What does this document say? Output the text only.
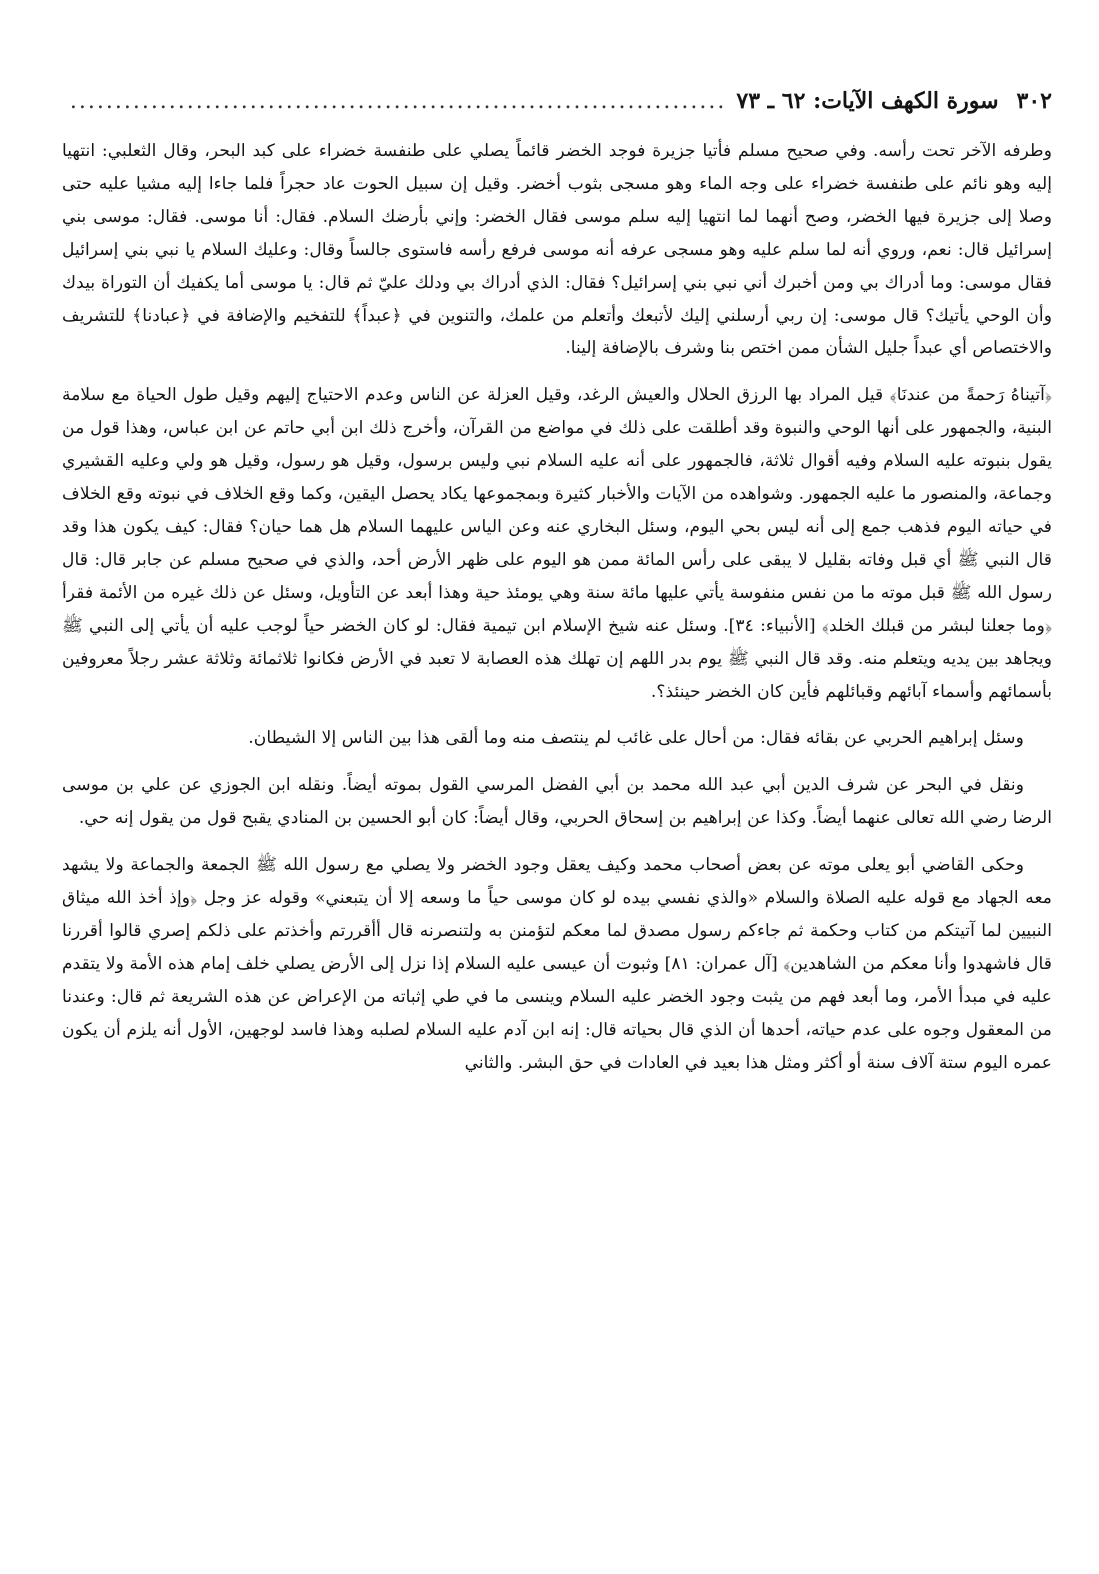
٣٠٢
سورة الكهف الآيات: ٦٢ ـ ٧٣
.....

وطرفه الآخر تحت رأسه. وفي صحيح مسلم فأتيا جزيرة فوجد الخضر قائماً يصلي على طنفسة خضراء على كبد البحر، وقال الثعلبي: انتهيا إليه وهو نائم على طنفسة خضراء على وجه الماء وهو مسجى بثوب أخضر. وقيل إن سبيل الحوت عاد حجراً فلما جاءا إليه مشيا عليه حتى وصلا إلى جزيرة فيها الخضر، وصح أنهما لما انتهيا إليه سلم موسى فقال الخضر: وإني بأرضك السلام. فقال: أنا موسى. فقال: موسى بني إسرائيل قال: نعم، وروي أنه لما سلم عليه وهو مسجى عرفه أنه موسى فرفع رأسه فاستوى جالساً وقال: وعليك السلام يا نبي بني إسرائيل فقال موسى: وما أدراك بي ومن أخبرك أني نبي بني إسرائيل؟ فقال: الذي أدراك بي ودلك عليّ ثم قال: يا موسى أما يكفيك أن التوراة بيدك وأن الوحي يأتيك؟ قال موسى: إن ربي أرسلني إليك لأتبعك وأتعلم من علمك، والتنوين في ﴿عبداً﴾ للتفخيم والإضافة في ﴿عبادنا﴾ للتشريف والاختصاص أي عبداً جليل الشأن ممن اختص بنا وشرف بالإضافة إلينا.

﴿آتيناهُ رَحمةً من عندنَا﴾ قيل المراد بها الرزق الحلال والعيش الرغد، وقيل العزلة عن الناس وعدم الاحتياج إليهم وقيل طول الحياة مع سلامة البنية، والجمهور على أنها الوحي والنبوة وقد أطلقت على ذلك في مواضع من القرآن، وأخرج ذلك ابن أبي حاتم عن ابن عباس، وهذا قول من يقول بنبوته عليه السلام وفيه أقوال ثلاثة، فالجمهور على أنه عليه السلام نبي وليس برسول، وقيل هو رسول، وقيل هو ولي وعليه القشيري وجماعة، والمنصور ما عليه الجمهور. وشواهده من الآيات والأخبار كثيرة وبمجموعها يكاد يحصل اليقين، وكما وقع الخلاف في نبوته وقع الخلاف في حياته اليوم فذهب جمع إلى أنه ليس بحي اليوم، وسئل البخاري عنه وعن الياس عليهما السلام هل هما حيان؟ فقال: كيف يكون هذا وقد قال النبي ﷺ أي قبل وفاته بقليل لا يبقى على رأس المائة ممن هو اليوم على ظهر الأرض أحد، والذي في صحيح مسلم عن جابر قال: قال رسول الله ﷺ قبل موته ما من نفس منفوسة يأتي عليها مائة سنة وهي يومئذ حية وهذا أبعد عن التأويل، وسئل عن ذلك غيره من الأئمة فقرأ ﴿وما جعلنا لبشر من قبلك الخلد﴾ [الأنبياء: ٣٤]. وسئل عنه شيخ الإسلام ابن تيمية فقال: لو كان الخضر حياً لوجب عليه أن يأتي إلى النبي ﷺ ويجاهد بين يديه ويتعلم منه. وقد قال النبي ﷺ يوم بدر اللهم إن تهلك هذه العصابة لا تعبد في الأرض فكانوا ثلاثمائة وثلاثة عشر رجلاً معروفين بأسمائهم وأسماء آبائهم وقبائلهم فأين كان الخضر حينئذ؟.

وسئل إبراهيم الحربي عن بقائه فقال: من أحال على غائب لم ينتصف منه وما ألقى هذا بين الناس إلا الشيطان.

ونقل في البحر عن شرف الدين أبي عبد الله محمد بن أبي الفضل المرسي القول بموته أيضاً. ونقله ابن الجوزي عن علي بن موسى الرضا رضي الله تعالى عنهما أيضاً. وكذا عن إبراهيم بن إسحاق الحربي، وقال أيضاً: كان أبو الحسين بن المنادي يقبح قول من يقول إنه حي.

وحكى القاضي أبو يعلى موته عن بعض أصحاب محمد وكيف يعقل وجود الخضر ولا يصلي مع رسول الله ﷺ الجمعة والجماعة ولا يشهد معه الجهاد مع قوله عليه الصلاة والسلام «والذي نفسي بيده لو كان موسى حياً ما وسعه إلا أن يتبعني» وقوله عز وجل ﴿وإذ أخذ الله ميثاق النبيين لما آتيتكم من كتاب وحكمة ثم جاءكم رسول مصدق لما معكم لتؤمنن به ولتنصرنه قال أأقررتم وأخذتم على ذلكم إصري قالوا أقررنا قال فاشهدوا وأنا معكم من الشاهدين﴾ [آل عمران: ٨١] وثبوت أن عيسى عليه السلام إذا نزل إلى الأرض يصلي خلف إمام هذه الأمة ولا يتقدم عليه في مبدأ الأمر، وما أبعد فهم من يثبت وجود الخضر عليه السلام وينسى ما في طي إثباته من الإعراض عن هذه الشريعة ثم قال: وعندنا من المعقول وجوه على عدم حياته، أحدها أن الذي قال بحياته قال: إنه ابن آدم عليه السلام لصلبه وهذا فاسد لوجهين، الأول أنه يلزم أن يكون عمره اليوم ستة آلاف سنة أو أكثر ومثل هذا بعيد في العادات في حق البشر. والثاني
